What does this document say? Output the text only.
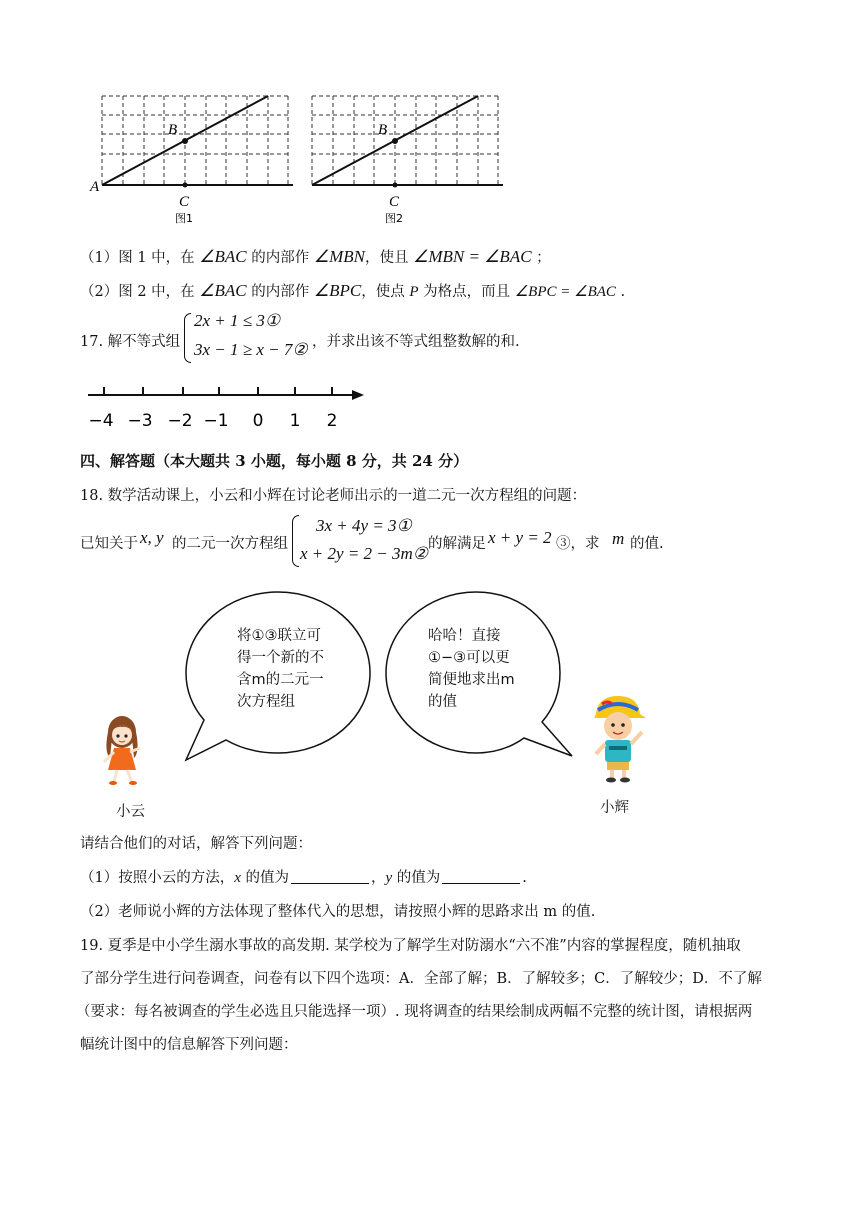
A
B
C
图1
B
C
图2
（1）图 1 中，在 ∠BAC 的内部作 ∠MBN，使且 ∠MBN = ∠BAC ；
（2）图 2 中，在 ∠BAC 的内部作 ∠BPC，使点 P 为格点，而且 ∠BPC = ∠BAC .
17. 解不等式组
2x + 1 ≤ 3①
3x − 1 ≥ x − 7② ，并求出该不等式组整数解的和.
−4 −3 −2 −1 0 1 2
四、解答题（本大题共 3 小题，每小题 8 分，共 24 分）
18. 数学活动课上，小云和小辉在讨论老师出示的一道二元一次方程组的问题：
已知关于 x, y 的二元一次方程组
3x + 4y = 3①
x + 2y = 2 − 3m② 的解满足 x + y = 2 ③，求 m 的值.
将①③联立可得一个新的不含m的二元一次方程组
哈哈！直接①−③可以更简便地求出m的值
小云	小辉
请结合他们的对话，解答下列问题：
（1）按照小云的方法，x 的值为	，y 的值为	.
（2）老师说小辉的方法体现了整体代入的思想，请按照小辉的思路求出 m 的值.
19. 夏季是中小学生溺水事故的高发期. 某学校为了解学生对防溺水“六不准”内容的掌握程度，随机抽取
了部分学生进行问卷调查，问卷有以下四个选项：A．全部了解；B．了解较多；C．了解较少；D．不了解
（要求：每名被调查的学生必选且只能选择一项）. 现将调查的结果绘制成两幅不完整的统计图，请根据两
幅统计图中的信息解答下列问题：
